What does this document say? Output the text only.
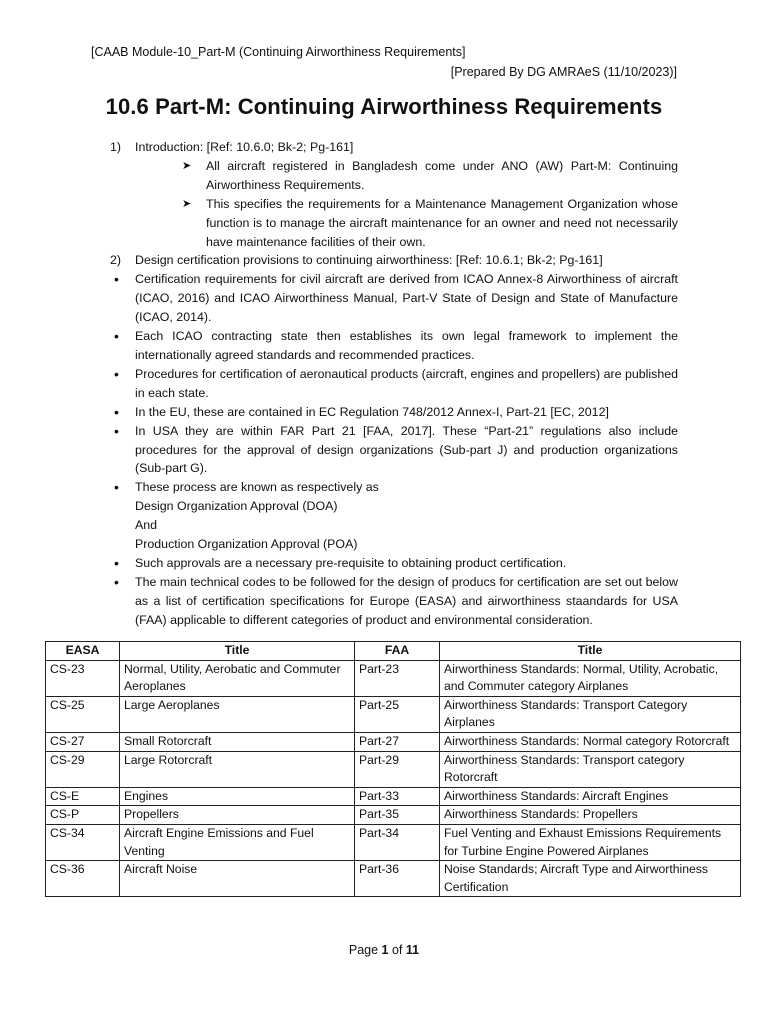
[CAAB Module-10_Part-M (Continuing Airworthiness Requirements]
[Prepared By DG AMRAeS (11/10/2023)]
10.6 Part-M: Continuing Airworthiness Requirements
1) Introduction: [Ref: 10.6.0; Bk-2; Pg-161]
➤ All aircraft registered in Bangladesh come under ANO (AW) Part-M: Continuing Airworthiness Requirements.
➤ This specifies the requirements for a Maintenance Management Organization whose function is to manage the aircraft maintenance for an owner and need not necessarily have maintenance facilities of their own.
2) Design certification provisions to continuing airworthiness: [Ref: 10.6.1; Bk-2; Pg-161]
• Certification requirements for civil aircraft are derived from ICAO Annex-8 Airworthiness of aircraft (ICAO, 2016) and ICAO Airworthiness Manual, Part-V State of Design and State of Manufacture (ICAO, 2014).
• Each ICAO contracting state then establishes its own legal framework to implement the internationally agreed standards and recommended practices.
• Procedures for certification of aeronautical products (aircraft, engines and propellers) are published in each state.
• In the EU, these are contained in EC Regulation 748/2012 Annex-I, Part-21 [EC, 2012]
• In USA they are within FAR Part 21 [FAA, 2017]. These “Part-21” regulations also include procedures for the approval of design organizations (Sub-part J) and production organizations (Sub-part G).
• These process are known as respectively as
Design Organization Approval (DOA)
And
Production Organization Approval (POA)
• Such approvals are a necessary pre-requisite to obtaining product certification.
• The main technical codes to be followed for the design of producs for certification are set out below as a list of certification specifications for Europe (EASA) and airworthiness staandards for USA (FAA) applicable to different categories of product and environmental consideration.
EASA	Title	FAA	Title
CS-23	Normal, Utility, Aerobatic and Commuter Aeroplanes	Part-23	Airworthiness Standards: Normal, Utility, Acrobatic, and Commuter category Airplanes
CS-25	Large Aeroplanes	Part-25	Airworthiness Standards: Transport Category Airplanes
CS-27	Small Rotorcraft	Part-27	Airworthiness Standards: Normal category Rotorcraft
CS-29	Large Rotorcraft	Part-29	Airworthiness Standards: Transport category Rotorcraft
CS-E	Engines	Part-33	Airworthiness Standards: Aircraft Engines
CS-P	Propellers	Part-35	Airworthiness Standards: Propellers
CS-34	Aircraft Engine Emissions and Fuel Venting	Part-34	Fuel Venting and Exhaust Emissions Requirements for Turbine Engine Powered Airplanes
CS-36	Aircraft Noise	Part-36	Noise Standards; Aircraft Type and Airworthiness Certification
Page 1 of 11
